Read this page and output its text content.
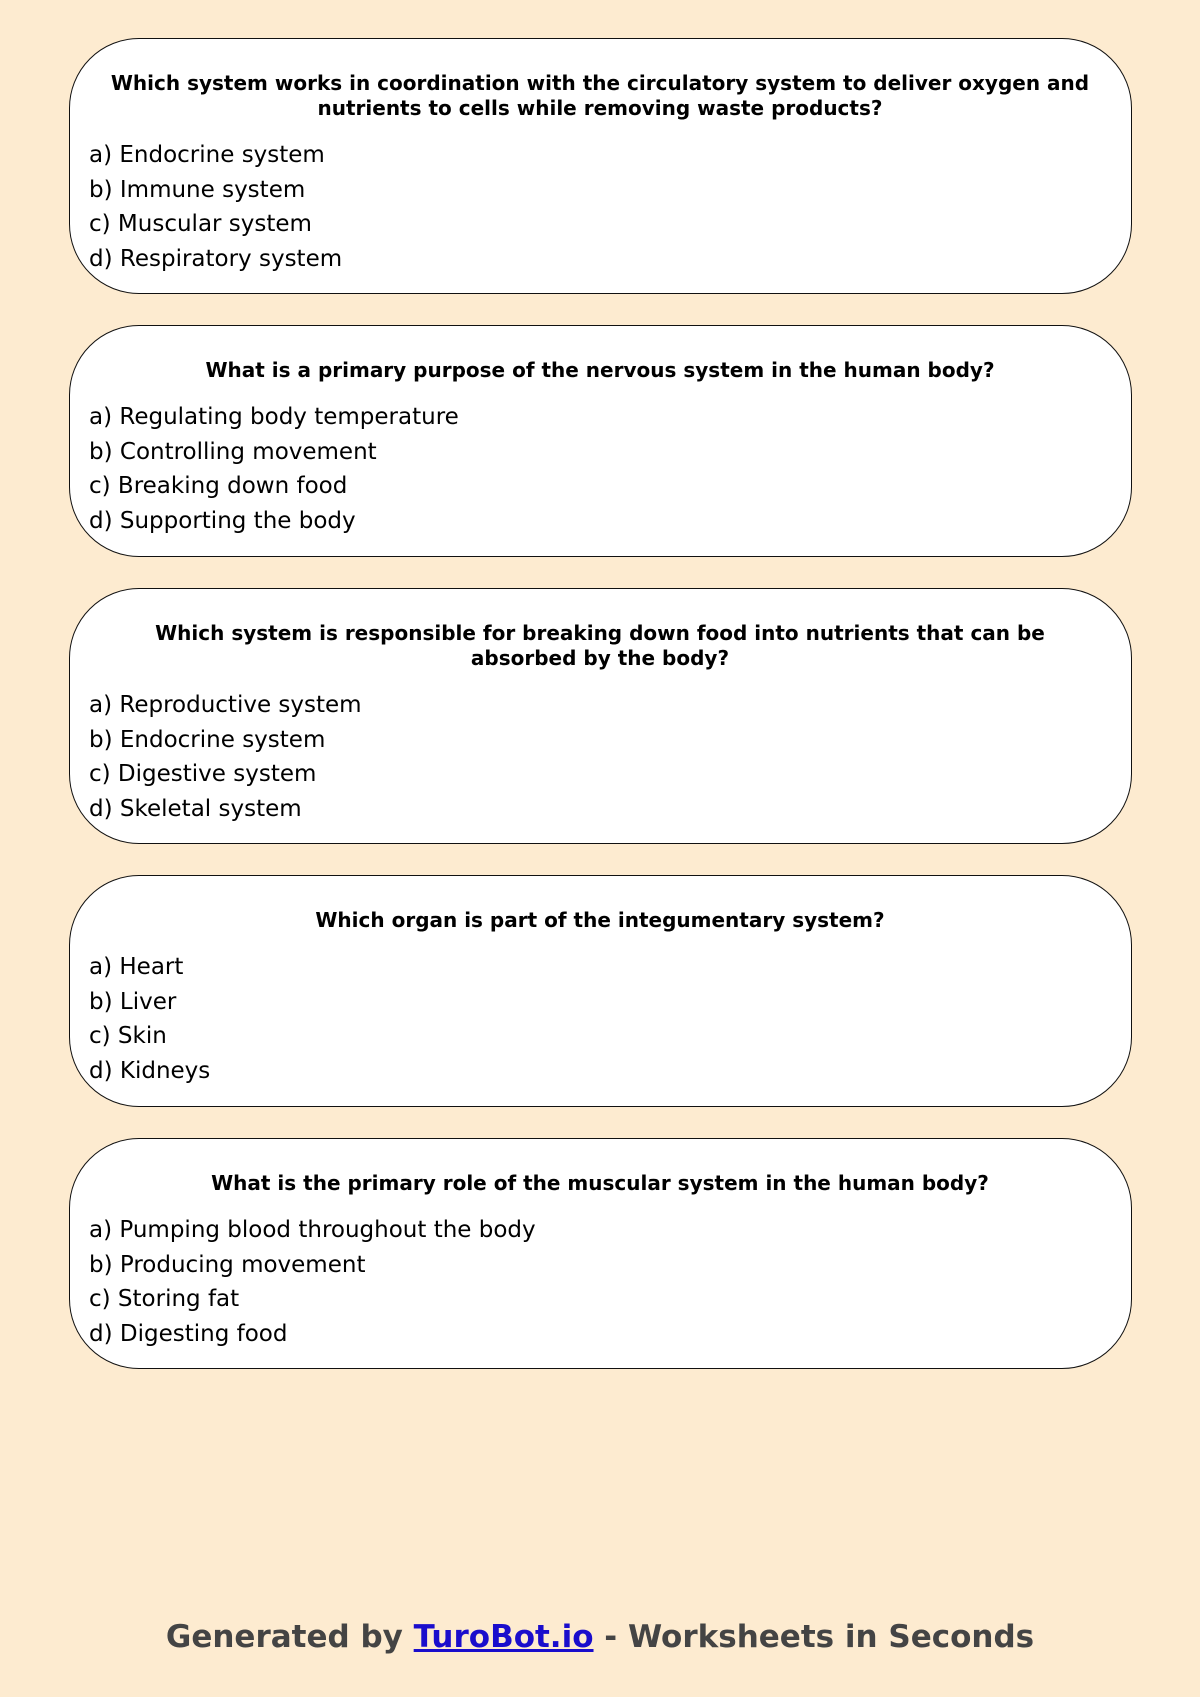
Which system works in coordination with the circulatory system to deliver oxygen and nutrients to cells while removing waste products?
a) Endocrine system
b) Immune system
c) Muscular system
d) Respiratory system
What is a primary purpose of the nervous system in the human body?
a) Regulating body temperature
b) Controlling movement
c) Breaking down food
d) Supporting the body
Which system is responsible for breaking down food into nutrients that can be absorbed by the body?
a) Reproductive system
b) Endocrine system
c) Digestive system
d) Skeletal system
Which organ is part of the integumentary system?
a) Heart
b) Liver
c) Skin
d) Kidneys
What is the primary role of the muscular system in the human body?
a) Pumping blood throughout the body
b) Producing movement
c) Storing fat
d) Digesting food
Generated by TuroBot.io - Worksheets in Seconds
